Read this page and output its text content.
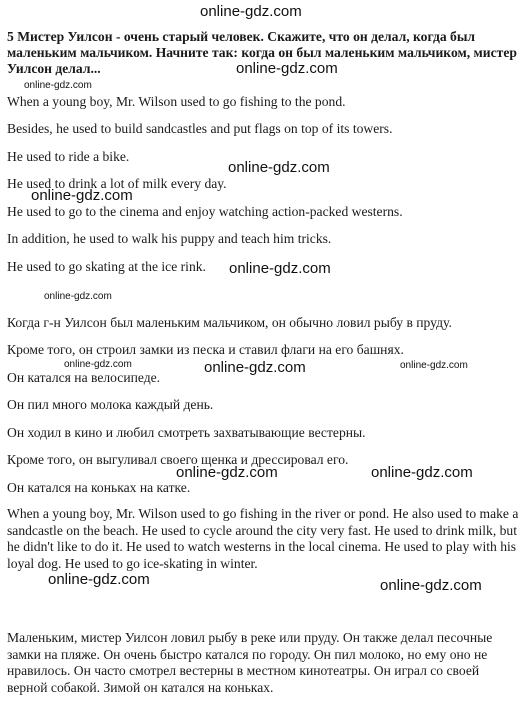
5 Мистер Уилсон - очень старый человек. Скажите, что он делал, когда был маленьким мальчиком. Начните так: когда он был маленьким мальчиком, мистер Уилсон делал...
When a young boy, Mr. Wilson used to go fishing to the pond.
Besides, he used to build sandcastles and put flags on top of its towers.
He used to ride a bike.
He used to drink a lot of milk every day.
He used to go to the cinema and enjoy watching action-packed westerns.
In addition, he used to walk his puppy and teach him tricks.
He used to go skating at the ice rink.
Когда г-н Уилсон был маленьким мальчиком, он обычно ловил рыбу в пруду.
Кроме того, он строил замки из песка и ставил флаги на его башнях.
Он катался на велосипеде.
Он пил много молока каждый день.
Он ходил в кино и любил смотреть захватывающие вестерны.
Кроме того, он выгуливал своего щенка и дрессировал его.
Он катался на коньках на катке.
When a young boy, Mr. Wilson used to go fishing in the river or pond. He also used to make a sandcastle on the beach. He used to cycle around the city very fast. He used to drink milk, but he didn't like to do it. He used to watch westerns in the local cinema. He used to play with his loyal dog. He used to go ice-skating in winter.
Маленьким, мистер Уилсон ловил рыбу в реке или пруду. Он также делал песочные замки на пляже. Он очень быстро катался по городу. Он пил молоко, но ему оно не нравилось. Он часто смотрел вестерны в местном кинотеатры. Он играл со своей верной собакой. Зимой он катался на коньках.
online-gdz.com
online-gdz.com
online-gdz.com
online-gdz.com
online-gdz.com
online-gdz.com
online-gdz.com
online-gdz.com	online-gdz.com	online-gdz.com
online-gdz.com	online-gdz.com
online-gdz.com	online-gdz.com
